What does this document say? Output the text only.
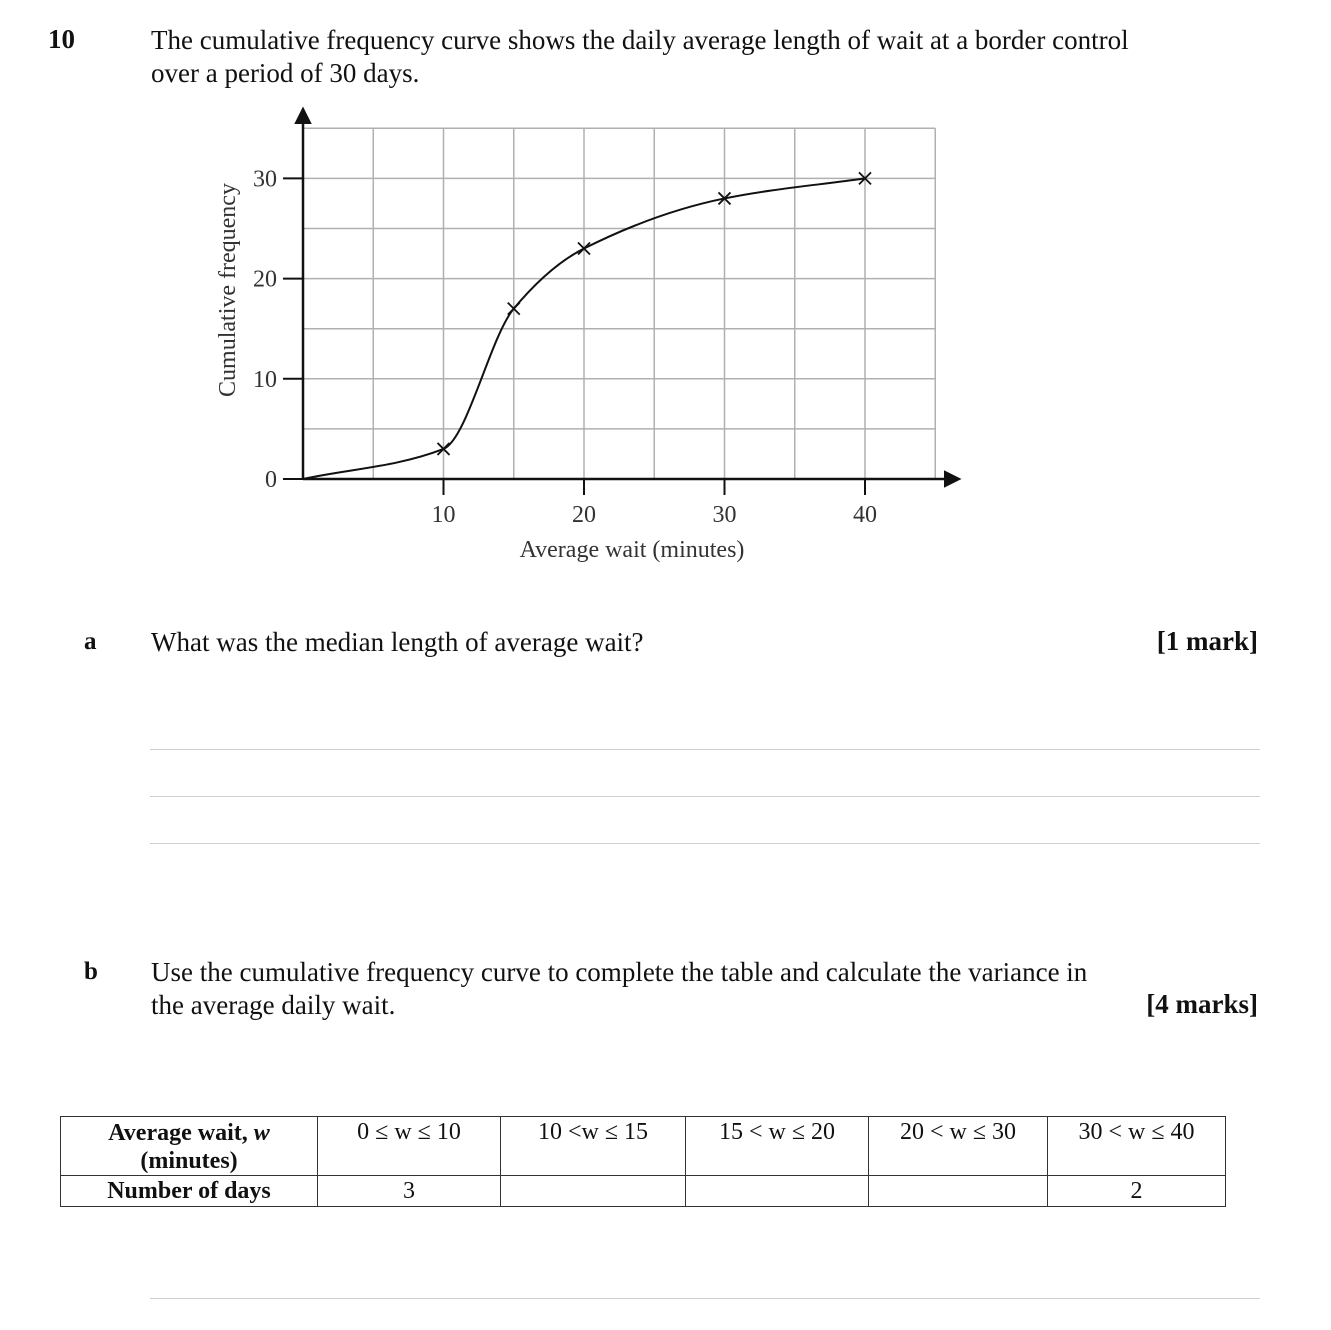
10	The cumulative frequency curve shows the daily average length of wait at a border control over a period of 30 days.
10	20	30	40
0
10
20
30
Average wait (minutes)
Cumulative frequency
a What was the median length of average wait?	[1 mark]
b Use the cumulative frequency curve to complete the table and calculate the variance in the average daily wait.	[4 marks]
Average wait, w
(minutes)	0 ≤ w ≤ 10	10 <w ≤ 15	15 < w ≤ 20	20 < w ≤ 30	30 < w ≤ 40
Number of days	3				2
